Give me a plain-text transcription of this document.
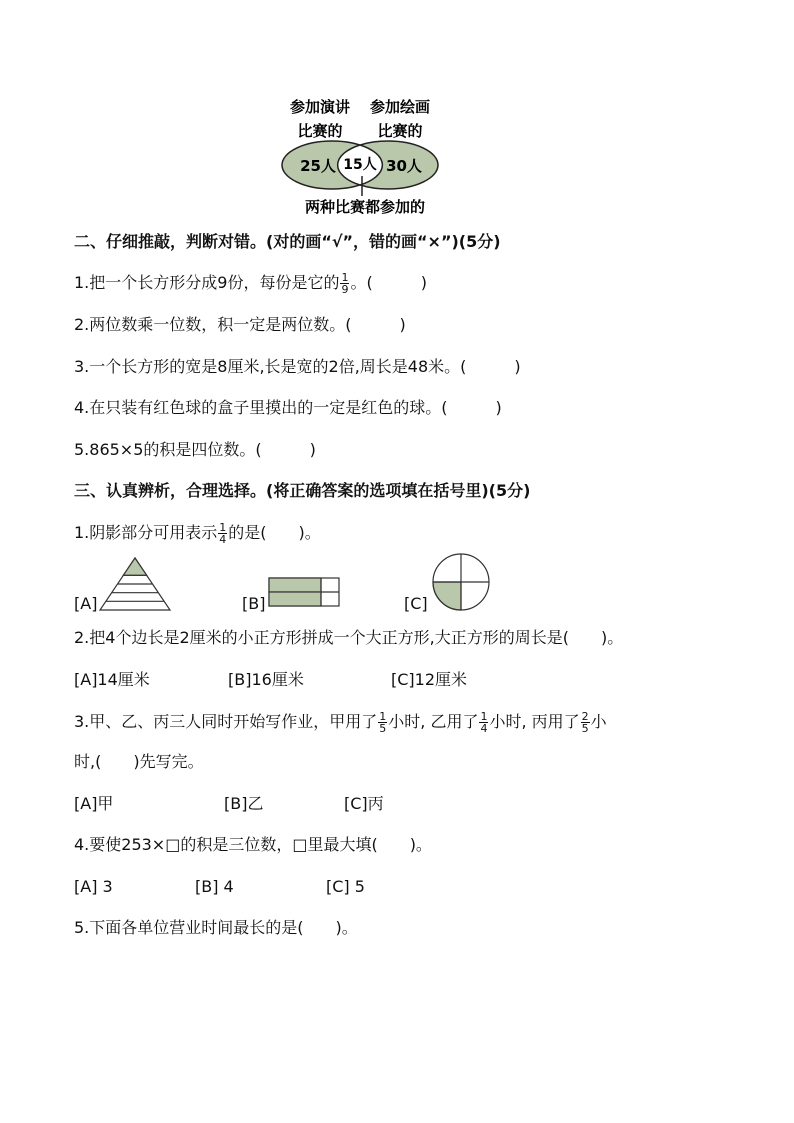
参加演讲
比赛的
参加绘画
比赛的
25人 15人 30人
两种比赛都参加的
二、仔细推敲，判断对错。(对的画“√”，错的画“×”)(5分)
1.把一个长方形分成9份，每份是它的 $\frac{1}{9}$ 。(　　　)
2.两位数乘一位数，积一定是两位数。(　　　)
3.一个长方形的宽是8厘米,长是宽的2倍,周长是48米。(　　　)
4.在只装有红色球的盒子里摸出的一定是红色的球。(　　　)
5.865×5的积是四位数。(　　　)
三、认真辨析，合理选择。(将正确答案的选项填在括号里)(5分)
1.阴影部分可用表示 $\frac{1}{4}$ 的是(　　)。
[A]	[B]	[C]
2.把4个边长是2厘米的小正方形拼成一个大正方形,大正方形的周长是(　　)。
[A]14厘米	[B]16厘米	[C]12厘米
3.甲、乙、丙三人同时开始写作业，甲用了 $\frac{1}{5}$ 小时, 乙用了 $\frac{1}{4}$ 小时, 丙用了 $\frac{2}{5}$ 小
时,(　　)先写完。
[A]甲	[B]乙	[C]丙
4.要使253×□的积是三位数，□里最大填(　　)。
[A] 3	[B] 4	[C] 5
5.下面各单位营业时间最长的是(　　)。
